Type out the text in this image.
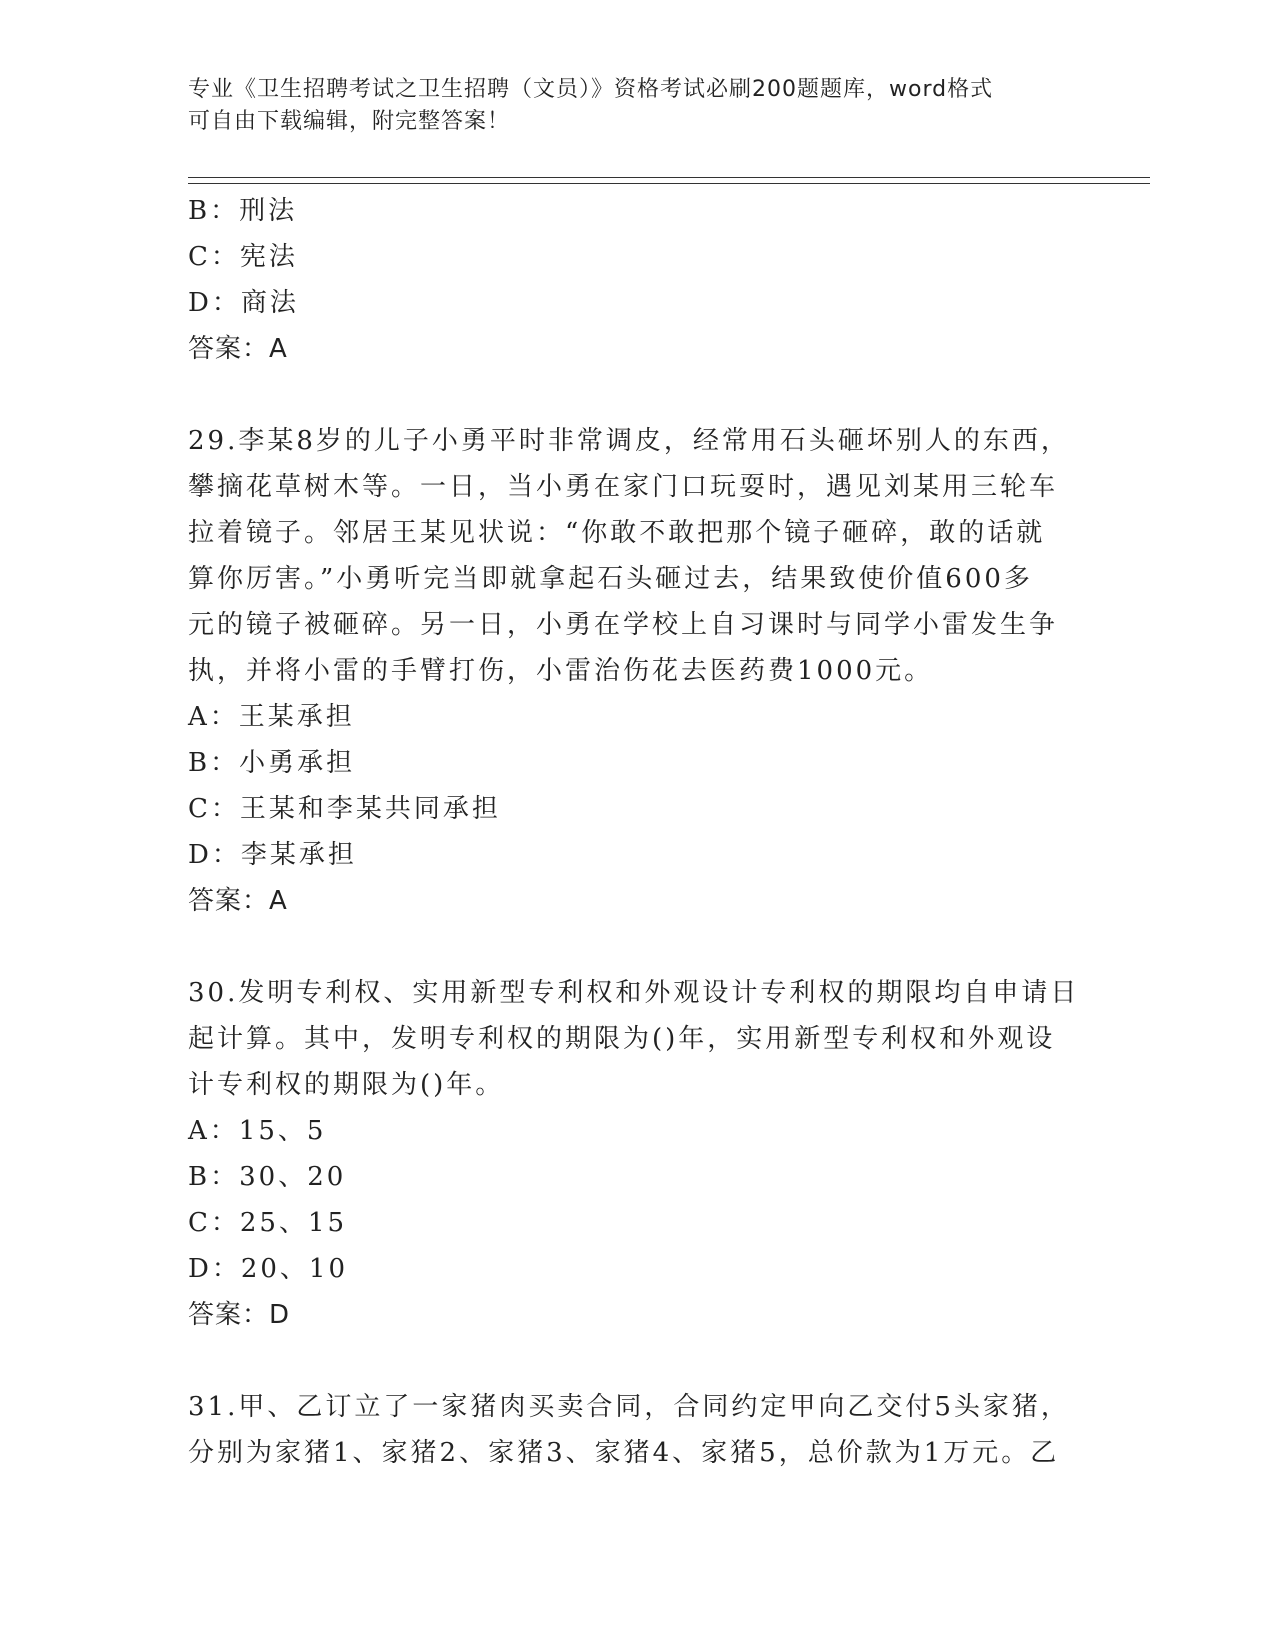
专业《卫生招聘考试之卫生招聘（文员）》资格考试必刷200题题库，word格式
可自由下载编辑，附完整答案！
B：刑法
C：宪法
D：商法
答案：A
29.李某8岁的儿子小勇平时非常调皮，经常用石头砸坏别人的东西，
攀摘花草树木等。一日，当小勇在家门口玩耍时，遇见刘某用三轮车
拉着镜子。邻居王某见状说：“你敢不敢把那个镜子砸碎，敢的话就
算你厉害。”小勇听完当即就拿起石头砸过去，结果致使价值600多
元的镜子被砸碎。另一日，小勇在学校上自习课时与同学小雷发生争
执，并将小雷的手臂打伤，小雷治伤花去医药费1000元。
A：王某承担
B：小勇承担
C：王某和李某共同承担
D：李某承担
答案：A
30.发明专利权、实用新型专利权和外观设计专利权的期限均自申请日
起计算。其中，发明专利权的期限为()年，实用新型专利权和外观设
计专利权的期限为()年。
A：15、5
B：30、20
C：25、15
D：20、10
答案：D
31.甲、乙订立了一家猪肉买卖合同，合同约定甲向乙交付5头家猪，
分别为家猪1、家猪2、家猪3、家猪4、家猪5，总价款为1万元。乙
